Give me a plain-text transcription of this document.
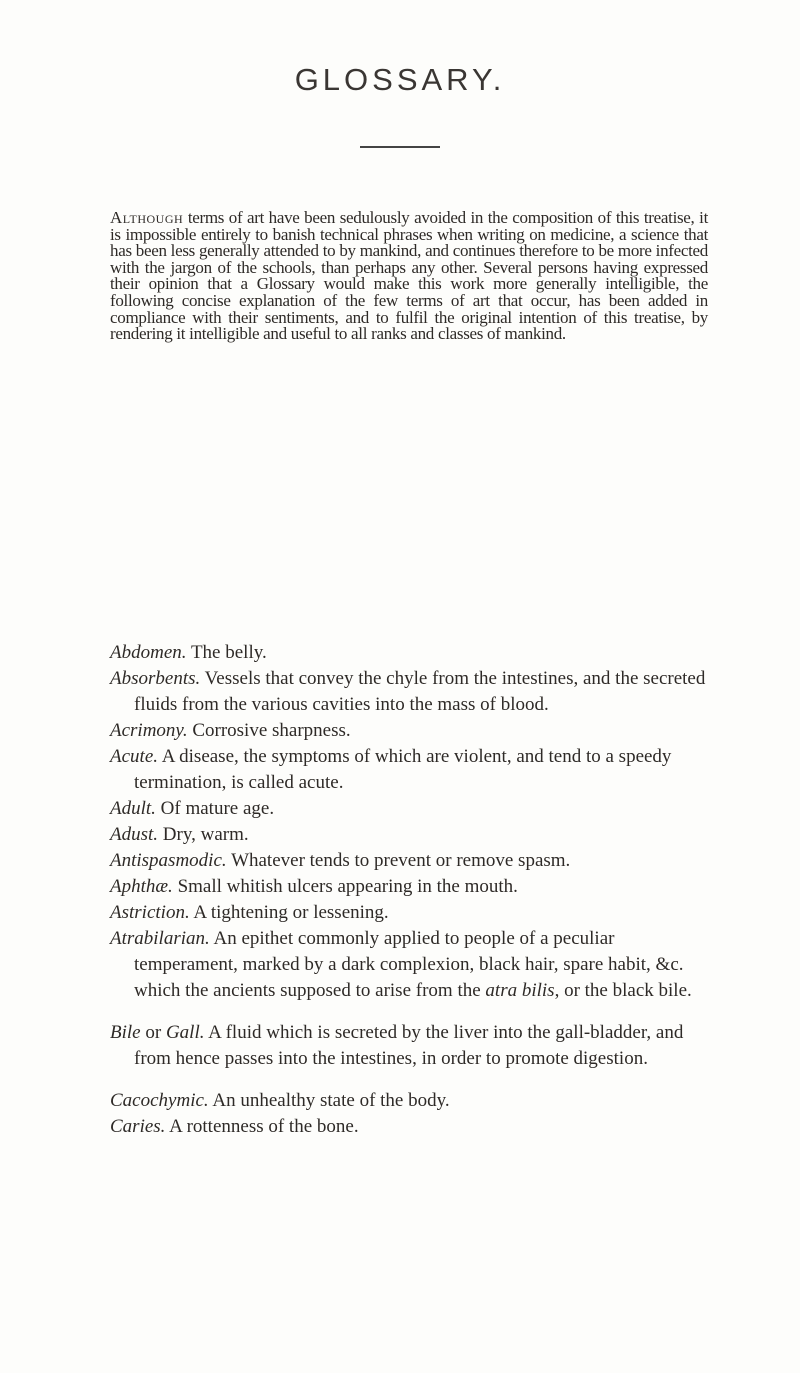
GLOSSARY.

Although terms of art have been sedulously avoided in the composition of this treatise, it is impossible entirely to banish technical phrases when writing on medicine, a science that has been less generally attended to by mankind, and continues therefore to be more infected with the jargon of the schools, than perhaps any other. Several persons having expressed their opinion that a Glossary would make this work more generally intelligible, the following concise explanation of the few terms of art that occur, has been added in compliance with their sentiments, and to fulfil the original intention of this treatise, by rendering it intelligible and useful to all ranks and classes of mankind.

Abdomen. The belly.

Absorbents. Vessels that convey the chyle from the intestines, and the secreted fluids from the various cavities into the mass of blood.

Acrimony. Corrosive sharpness.

Acute. A disease, the symptoms of which are violent, and tend to a speedy termination, is called acute.

Adult. Of mature age.

Adust. Dry, warm.

Antispasmodic. Whatever tends to prevent or remove spasm.

Aphthæ. Small whitish ulcers appearing in the mouth.

Astriction. A tightening or lessening.

Atrabilarian. An epithet commonly applied to people of a peculiar temperament, marked by a dark complexion, black hair, spare habit, &c. which the ancients supposed to arise from the atra bilis, or the black bile.

Bile or Gall. A fluid which is secreted by the liver into the gall-bladder, and from hence passes into the intestines, in order to promote digestion.

Cacochymic. An unhealthy state of the body.

Caries. A rottenness of the bone.
